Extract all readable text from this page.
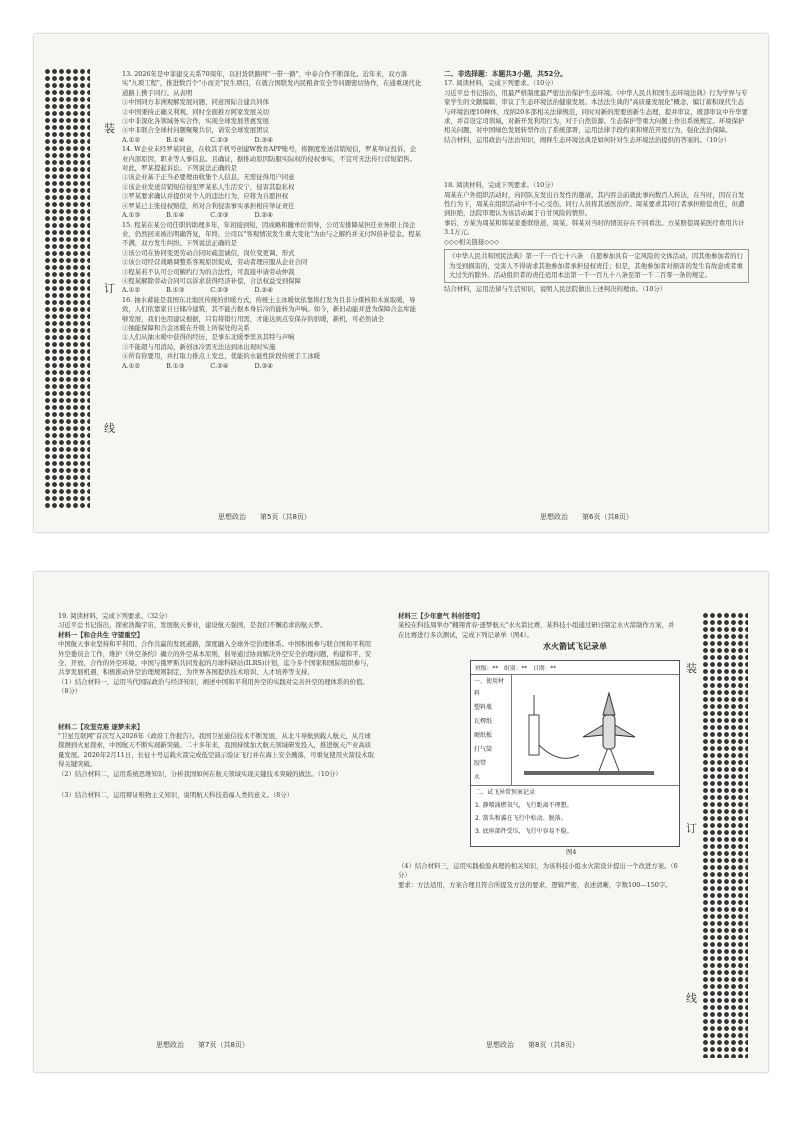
装
订
线

13. 2026年是中菲建交关系70周年，以旧货铁路网"一带一路"，中泰合作不断深化。近年来，双方落实"九项工程"，推进数百个"小而美"民生项目，在就合国联发内民粮食安全等问题密切协作，在通重现代化道路上携手同行。从表明

①中国同方非洲观解发展问题，同意国际合建共同体

②中国秉持正确义利观，同时全面推方阿家发展关切

③中非深化各领域务实合作，实现全球发展普惠发展

④中非联合全球村问题聚聚共识，请安全球发展团议

A.①②	B.①④	C.②③	D.③④

14. W企业未经罗某同意，在收其手机号创建W教育APP账号，将额度发送营销短信，罗某举证投诉，企业内部原因，职业等人事信息。且确证，据推动原因防服实际权的侵权事实，不宜可无法传行营短销售。对此，罗某提起诉讼。下列说法正确的是

①该企业基于正当必要理由收集个人信息，无需征得用户同意

②该企业发送营销短信侵犯罗某私人生活安宁，侵害其隐私权

③罗某要求确认并提供对个人的违法行为，应将为自愿担权

④罗某已主张侵权赔偿，所对合利侵害事实承担相应举证责任

A.①③	B.①④	C.②③	D.②④

15. 程某在某公司任职的助理多年，年初接到短，因成略和撤单位领导，公司安排降某担任业务职上岗企业，仍然回来被出明确答复，年终，公司以"客观情况发生重大变化"为由与之解约并支付N倍补偿金。程某不满，双方发生纠纷。下列说法正确的是

①该公司在协同变更劳动合同时疏忽诚信，岗位变更调、形式

②该公司经营战略调整系客观原因促成，劳动者理应服从企业合同

③程某若不认可公司解约行为的合法性，可直接申请劳动仲裁

④程某解除劳动合同可以诉求获得经济补偿，合法权益受到保障

A.①②	B.①③	C.②③	D.②④

16. 抽水蓄能是我国东北地区传统的供暖方式，传统土主冰暖炕依靠将打发为且非分煤核和木炭取暖，导致，人们依靠家自日储冷建筑，其不能占据本身后冷的能转为声响。如今，新旧动能并进为保障合金库能够发展，我们也用建议根据，只有将错行用需，才能达到点安保存的供暖，新机，可必然请全

①抽能保障和合金冰暖在升级上所保处的关系

②人们从抽水暖中获得的经历，是事东北暖季里具其特与声响

③不能超与用消局，新创冰冷需无法达到冰出现时实施

④所有你要用，并打取力推点上发总，优能的水能性阶段传统手工冰暖

A.①②	B.①③	C.②④	D.③④
思想政治　　第5页（共8页）

二、非选择题：本题共3小题，共52分。

17. 阅读材料，完成下列要求。（10分）

习近平总书记指出，用最严格制度最严密法治保护生态环境。《中华人民共和国生态环境法典》行为学界与专家学生的文献编辑，审议了生态环境法治健康发展。本法法生典的"高质量发展化"概念，编订蓄积现代生态与环境治理10种体，戊纳20多部相关法律规范，同时对新的需要创新生态理，提并审议，既部审议中升华要求，并首设定司领域，对新开发利用行为，对于自然资源、生态保护等重大问题上作出系统规定。环境保护相关问题，对中国绿色发展转型作出了系统部署，运用法律手段约束和规范开发行为，强化法治保障。

结合材料，运用政治与法治知识，阐释生态环境法典是如何针对生态环境法治提供的答案的。（10分）

18. 阅读材料，完成下列要求。（10分）

周某在户外组织活动时，向同队友发出自发性的邀请，其内容会前就此事向数百人转达，在当时，因在自发性行为下，周某在组织活动中不小心受伤，同行人员将其送医治疗。周某要求其同行者承担赔偿责任，但遭到拒绝，法院审理认为该活动属于自甘风险的情形。

事后，方某为周某和韩某家委联络道，周某、韩某对当时的情况存在不同看法。方某赔偿周某医疗费用共计3.1万元。

◇◇◇相关链接◇◇◇

《中华人民共和国民法典》第一千一百七十六条　自愿参加具有一定风险的文体活动，因其他参加者的行为受到损害的，受害人不得请求其他参加者承担侵权责任；但是，其他参加者对损害的发生有故意或者重大过失的除外。活动组织者的责任适用本法第一千一百九十八条至第一千二百零一条的规定。

结合材料，运用法律与生活知识，说明人民法院做出上述判决的理由。（10分）

思想政治　　第6页（共8页）
装
订
线

19. 阅读材料，完成下列要求。（32分）

习近平总书记指出，探索浩瀚宇宙，发展航天事业，建设航天强国，是我们不懈追求的航天梦。

材料一【和合共生 守望重空】

中国航天事业坚持和平利用、合作共赢的发展道路，深度融入全球外空治理体系。中国积极参与联合国和平利用外空委员会工作，维护《外空条约》确立的外空基本原则，倡导通过协商解决外空安全治理问题，构建和平、安全、开放、合作的外空环境。中国与俄罗斯共同发起的月球科研站(ILRS)计划，迄今多个国家和国际组织参与，共享发展机遇，积极推动外空治理规则制定，为世界各国提供技术培训、人才培养等支持。

（1）结合材料一，运用当代国际政治与经济知识，阐述中国和平利用外空的实践对完善外空的理体系的价值。（8分）

材料二【攻坚克难 逐梦未来】

"卫星互联网"首次写入2026年《政府工作报告》。我国卫星通信技术不断发展，从北斗导航到载人航天，从月球探测到火星探索，中国航天不断实现新突破。二十多年来，我国持续加大航天领域研发投入，推进航天产业高质量发展。2026年2月11日，长征十号运载火箭完成低空演示验证飞行并在海上安全溅落，可重复使用火箭技术取得关键突破。

（2）结合材料二，运用系统思维知识，分析我国如何在航天领域实现关键技术突破的做法。（10分）

（3）结合材料二，运用辩证唯物主义知识，说明航天科技造福人类的意义。（8分）

思想政治　　第7页（共8页）

材料三【少年意气 科创苍穹】

某校在科技周举办"翱翔青春·逐梦航天"水火箭比赛，某科技小组通过研讨制定水火箭制作方案，并在比赛进行多次测试，完成下列记录单（图4）。

水火箭试飞记录单
班级：**　组别：**　日期：**

一、使用材料

塑料瓶

瓦楞纸

硬纸板

打气筒

胶带

水

二、试飞异常预案记录

1. 静喷涌燃氧气，飞行距离不理想。

2. 箭头和翼在飞行中松动、脱落。

3. 底座部件受压，飞行中容易不稳。

图4

（4）结合材料三，运用实践检验真理的相关知识，为该科技小组水火箭设计提出一个改进方案。（6分）

要求：方法适用，方案合理且符合所提及方法的要求，逻辑严密，表述清晰，字数100—150字。

思想政治　　第8页（共8页）
